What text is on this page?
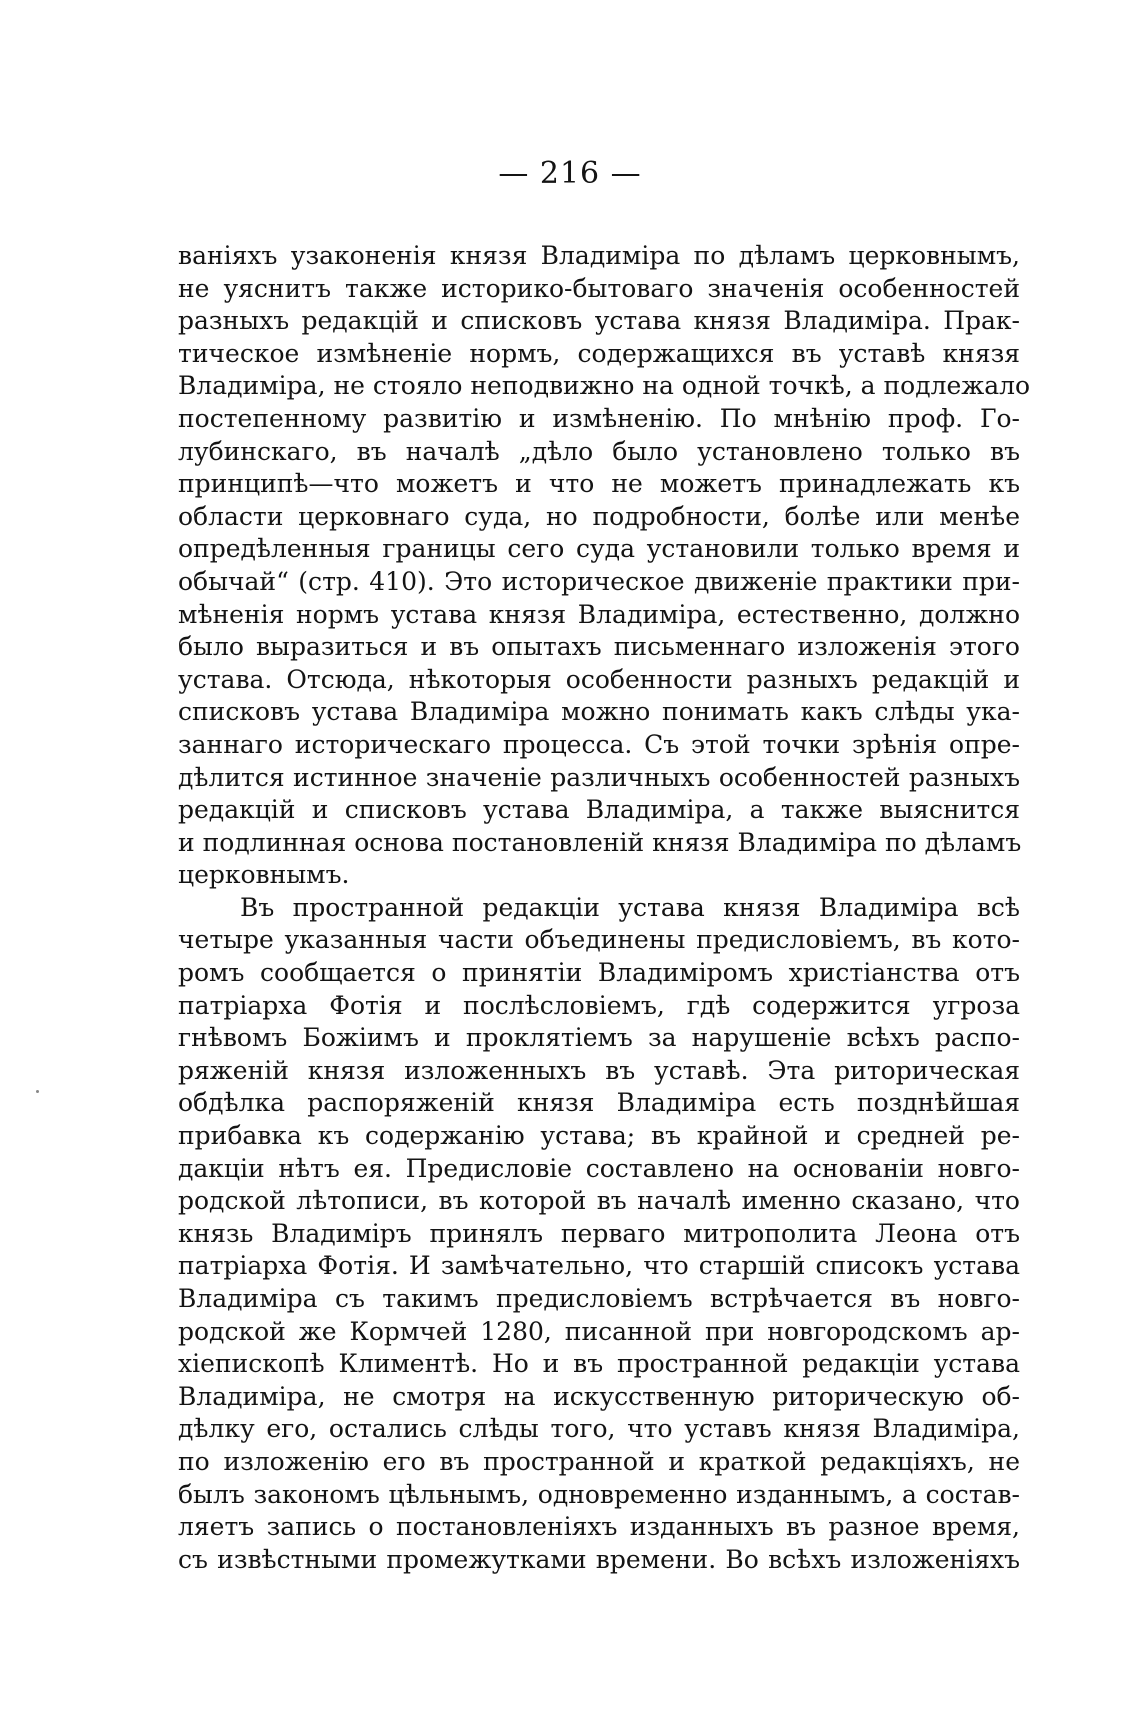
— 216 —
ваніяхъ узаконенія князя Владиміра по дѣламъ церковнымъ,
не уяснитъ также историко-бытоваго значенія особенностей
разныхъ редакцій и списковъ устава князя Владиміра. Прак-
тическое измѣненіе нормъ, содержащихся въ уставѣ князя
Владиміра, не стояло неподвижно на одной точкѣ, а подлежало
постепенному развитію и измѣненію. По мнѣнію проф. Го-
лубинскаго, въ началѣ „дѣло было установлено только въ
принципѣ—что можетъ и что не можетъ принадлежать къ
области церковнаго суда, но подробности, болѣе или менѣе
опредѣленныя границы сего суда установили только время и
обычай“ (стр. 410). Это историческое движеніе практики при-
мѣненія нормъ устава князя Владиміра, естественно, должно
было выразиться и въ опытахъ письменнаго изложенія этого
устава. Отсюда, нѣкоторыя особенности разныхъ редакцій и
списковъ устава Владиміра можно понимать какъ слѣды ука-
заннаго историческаго процесса. Съ этой точки зрѣнія опре-
дѣлится истинное значеніе различныхъ особенностей разныхъ
редакцій и списковъ устава Владиміра, а также выяснится
и подлинная основа постановленій князя Владиміра по дѣламъ
церковнымъ.
Въ пространной редакціи устава князя Владиміра всѣ
четыре указанныя части объединены предисловіемъ, въ кото-
ромъ сообщается о принятіи Владиміромъ христіанства отъ
патріарха Фотія и послѣсловіемъ, гдѣ содержится угроза
гнѣвомъ Божіимъ и проклятіемъ за нарушеніе всѣхъ распо-
ряженій князя изложенныхъ въ уставѣ. Эта риторическая
обдѣлка распоряженій князя Владиміра есть позднѣйшая
прибавка къ содержанію устава; въ крайной и средней ре-
дакціи нѣтъ ея. Предисловіе составлено на основаніи новго-
родской лѣтописи, въ которой въ началѣ именно сказано, что
князь Владиміръ принялъ перваго митрополита Леона отъ
патріарха Фотія. И замѣчательно, что старшій списокъ устава
Владиміра съ такимъ предисловіемъ встрѣчается въ новго-
родской же Кормчей 1280, писанной при новгородскомъ ар-
хіепископѣ Климентѣ. Но и въ пространной редакціи устава
Владиміра, не смотря на искусственную риторическую об-
дѣлку его, остались слѣды того, что уставъ князя Владиміра,
по изложенію его въ пространной и краткой редакціяхъ, не
былъ закономъ цѣльнымъ, одновременно изданнымъ, а состав-
ляетъ запись о постановленіяхъ изданныхъ въ разное время,
съ извѣстными промежутками времени. Во всѣхъ изложеніяхъ
